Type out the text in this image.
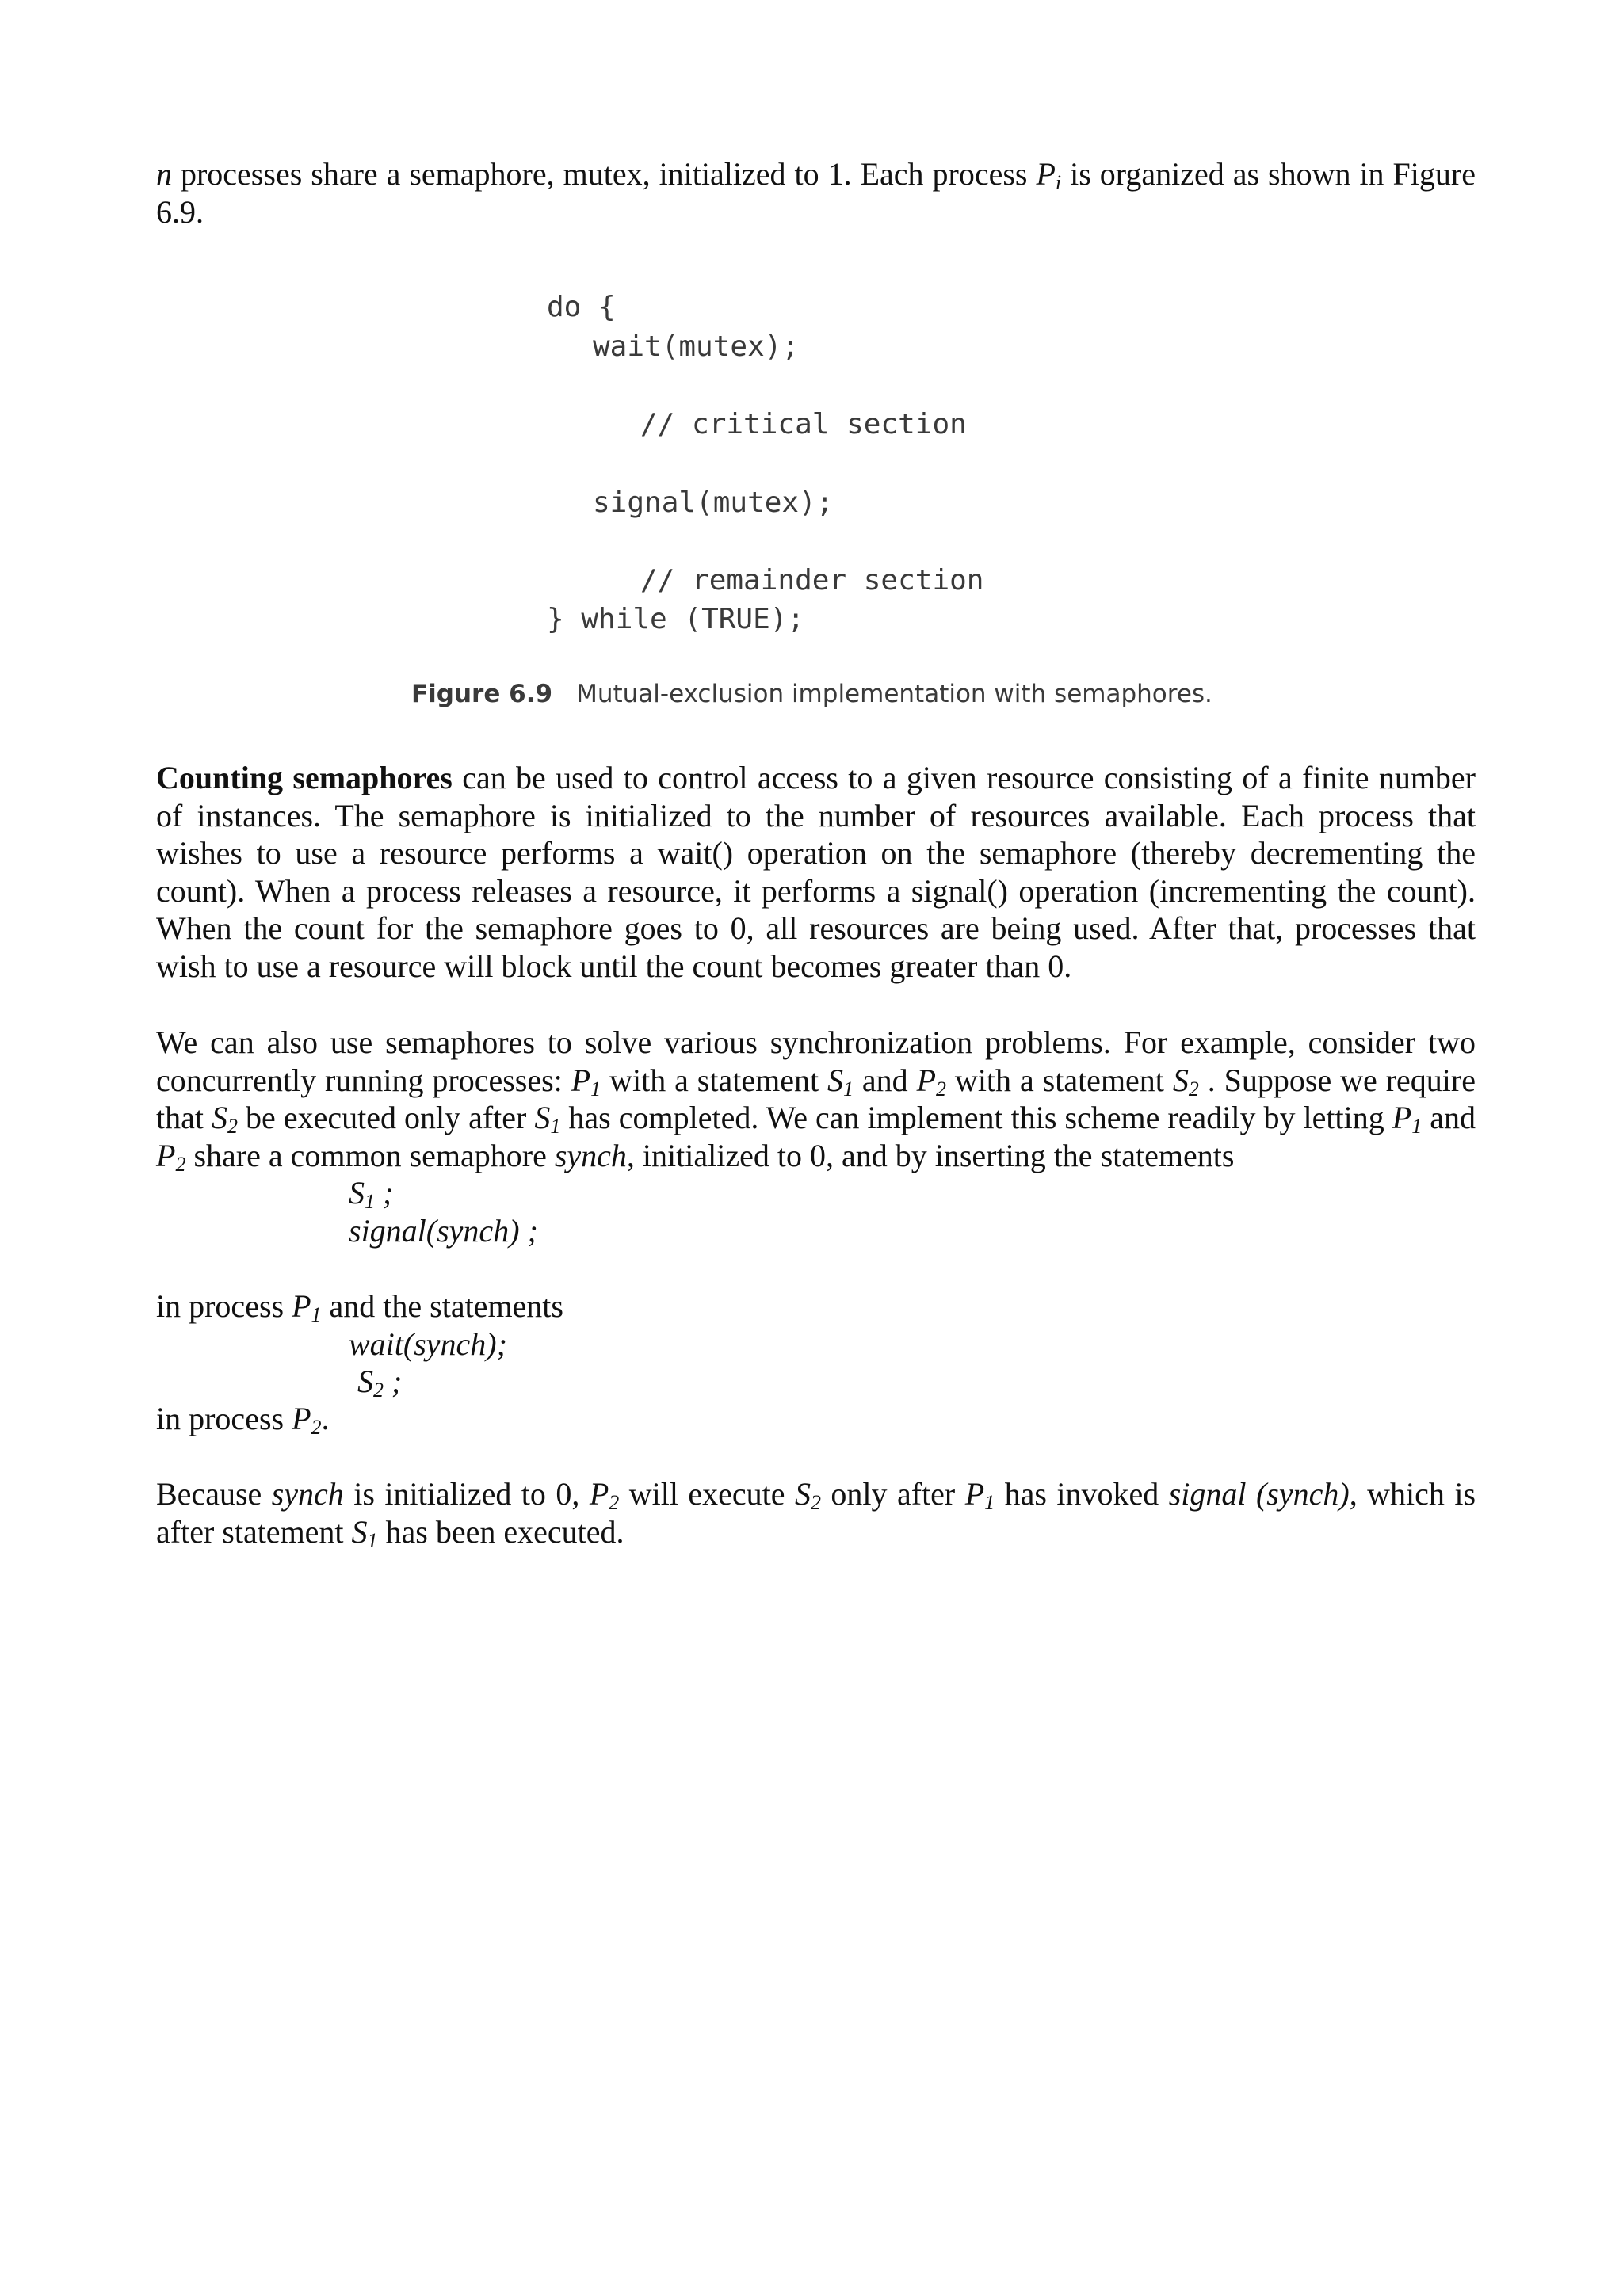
n processes share a semaphore, mutex, initialized to 1. Each process $P_i$ is organized as shown in Figure 6.9.
do {
wait(mutex);
// critical section
signal(mutex);
// remainder section
} while (TRUE);
Figure 6.9 Mutual-exclusion implementation with semaphores.
Counting semaphores can be used to control access to a given resource consisting of a finite number of instances. The semaphore is initialized to the number of resources available. Each process that wishes to use a resource performs a wait() operation on the semaphore (thereby decrementing the count). When a process releases a resource, it performs a signal() operation (incrementing the count). When the count for the semaphore goes to 0, all resources are being used. After that, processes that wish to use a resource will block until the count becomes greater than 0.
We can also use semaphores to solve various synchronization problems. For example, consider two concurrently running processes: $P_1$ with a statement $S_1$ and $P_2$ with a statement $S_2$ . Suppose we require that $S_2$ be executed only after $S_1$ has completed. We can implement this scheme readily by letting $P_1$ and $P_2$ share a common semaphore synch, initialized to 0, and by inserting the statements
$S_1$ ;
signal(synch) ;
in process $P_1$ and the statements
wait(synch);
$S_2$ ;
in process $P_2$.
Because synch is initialized to 0, $P_2$ will execute $S_2$ only after $P_1$ has invoked signal (synch), which is after statement $S_1$ has been executed.
